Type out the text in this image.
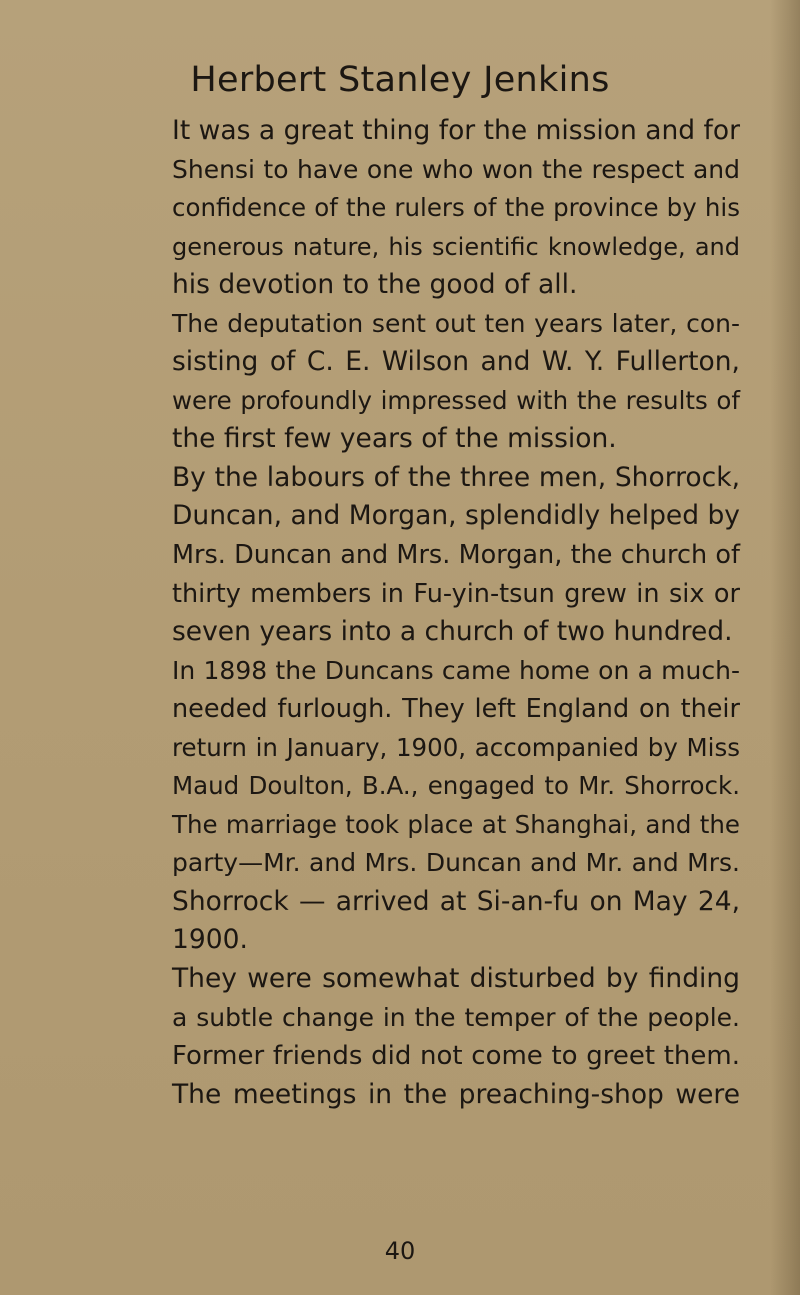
Herbert Stanley Jenkins
It was a great thing for the mission and for
Shensi to have one who won the respect and
confidence of the rulers of the province by his
generous nature, his scientific knowledge, and
his devotion to the good of all.
The deputation sent out ten years later, con-
sisting of C. E. Wilson and W. Y. Fullerton,
were profoundly impressed with the results of
the first few years of the mission.
By the labours of the three men, Shorrock,
Duncan, and Morgan, splendidly helped by
Mrs. Duncan and Mrs. Morgan, the church of
thirty members in Fu-yin-tsun grew in six or
seven years into a church of two hundred.
In 1898 the Duncans came home on a much-
needed furlough. They left England on their
return in January, 1900, accompanied by Miss
Maud Doulton, B.A., engaged to Mr. Shorrock.
The marriage took place at Shanghai, and the
party—Mr. and Mrs. Duncan and Mr. and Mrs.
Shorrock — arrived at Si-an-fu on May 24,
1900.
They were somewhat disturbed by finding
a subtle change in the temper of the people.
Former friends did not come to greet them.
The meetings in the preaching-shop were
40
